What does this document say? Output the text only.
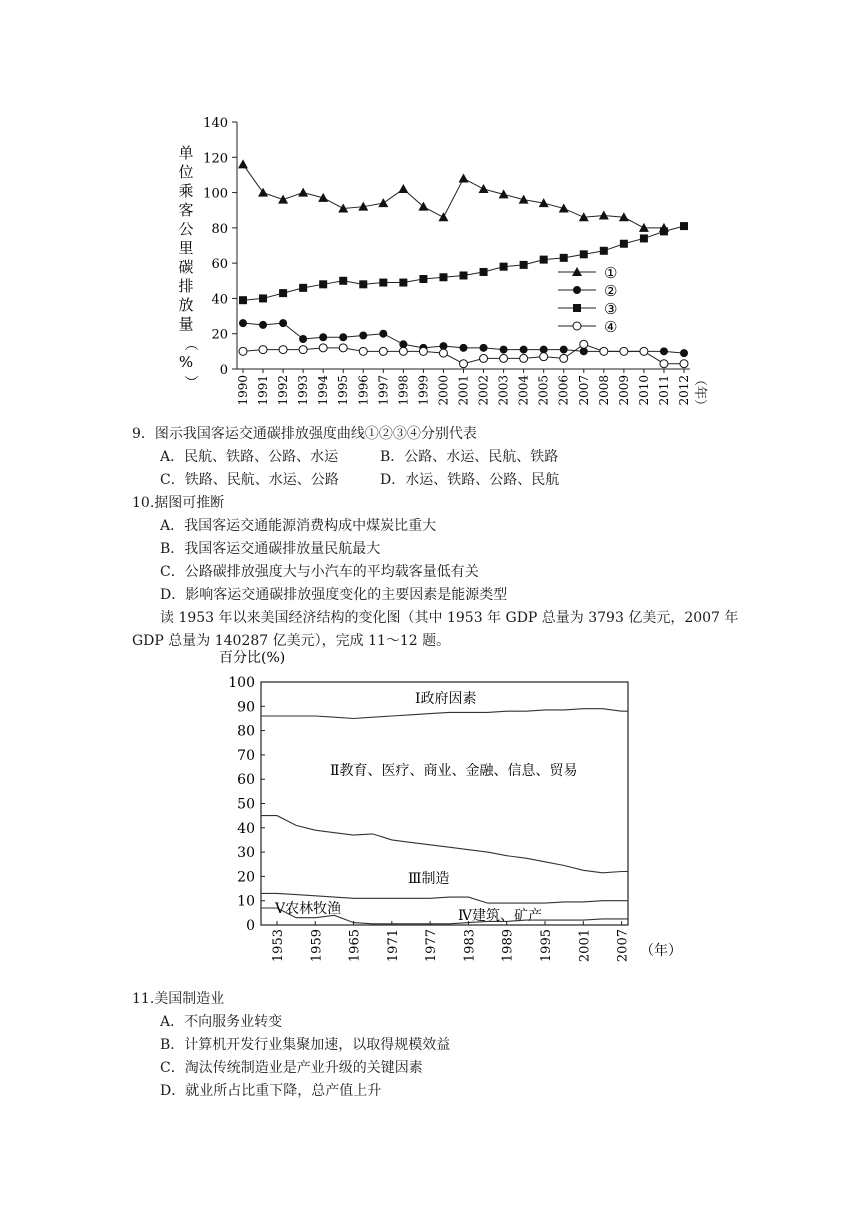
0
20
40
60
80
100
120
140
1990 1991 1992 1993 1994 1995 1996 1997 1998 1999 2000 2001 2002 2003 2004 2005 2006 2007 2008 2009 2010 2011 2012 （年）
单
位
乘
客
公
里
碳
排
放
量
（
%
）
①
②
③
④
9．图示我国客运交通碳排放强度曲线①②③④分别代表
A．民航、铁路、公路、水运	B．公路、水运、民航、铁路
C．铁路、民航、水运、公路	D．水运、铁路、公路、民航
10.据图可推断
A．我国客运交通能源消费构成中煤炭比重大
B．我国客运交通碳排放量民航最大
C．公路碳排放强度大与小汽车的平均载客量低有关
D．影响客运交通碳排放强度变化的主要因素是能源类型
读 1953 年以来美国经济结构的变化图（其中 1953 年 GDP 总量为 3793 亿美元，2007 年
GDP 总量为 140287 亿美元），完成 11～12 题。
百分比(%)
0
10
20
30
40
50
60
70
80
90
100
1953 1959 1965 1971 1977 1983 1989 1995 2001 2007 （年）
Ⅰ政府因素
Ⅱ教育、医疗、商业、金融、信息、贸易
Ⅲ制造
Ⅳ建筑、矿产
Ⅴ农林牧渔
11.美国制造业
A．不向服务业转变
B．计算机开发行业集聚加速，以取得规模效益
C．淘汰传统制造业是产业升级的关键因素
D．就业所占比重下降，总产值上升
